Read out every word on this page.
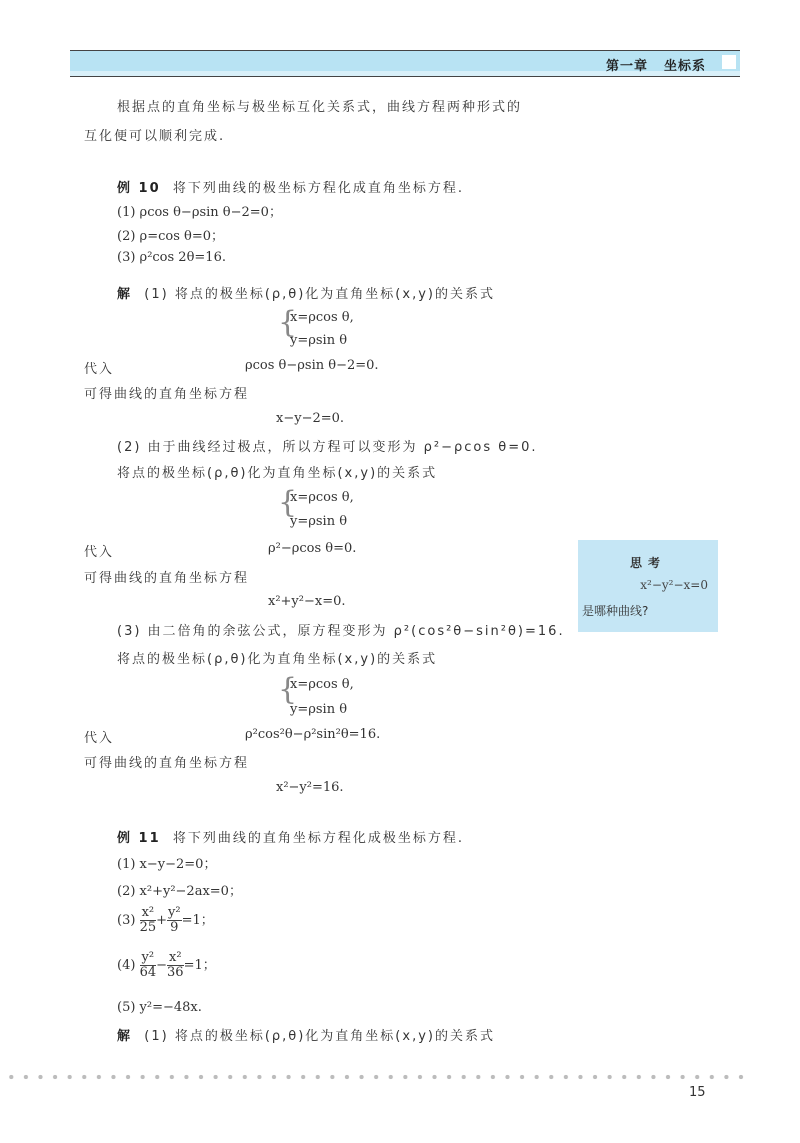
第一章 坐标系
根据点的直角坐标与极坐标互化关系式，曲线方程两种形式的
互化便可以顺利完成.
例 10 将下列曲线的极坐标方程化成直角坐标方程.
(1) ρcos θ−ρsin θ−2=0；
(2) ρ=cos θ=0；
(3) ρ²cos 2θ=16.
解 (1) 将点的极坐标(ρ,θ)化为直角坐标(x,y)的关系式
{
x=ρcos θ,
y=ρsin θ
代入	ρcos θ−ρsin θ−2=0.
可得曲线的直角坐标方程
x−y−2=0.
(2) 由于曲线经过极点，所以方程可以变形为 ρ²−ρcos θ=0.
将点的极坐标(ρ,θ)化为直角坐标(x,y)的关系式
{
x=ρcos θ,
y=ρsin θ
代入	ρ²−ρcos θ=0.
可得曲线的直角坐标方程
x²+y²−x=0.
(3) 由二倍角的余弦公式，原方程变形为 ρ²(cos²θ−sin²θ)=16.
将点的极坐标(ρ,θ)化为直角坐标(x,y)的关系式
{
x=ρcos θ,
y=ρsin θ
代入	ρ²cos²θ−ρ²sin²θ=16.
可得曲线的直角坐标方程
x²−y²=16.
思考
x²−y²−x=0
是哪种曲线?
例 11 将下列曲线的直角坐标方程化成极坐标方程.
(1) x−y−2=0；
(2) x²+y²−2ax=0；
$(3) \frac{\text{x²}}{25} + \frac{\text{y²}}{9} =1$；
$(4) \frac{\text{y²}}{64} - \frac{\text{x²}}{36} =1$；
(5) y²=−48x.
解 (1) 将点的极坐标(ρ,θ)化为直角坐标(x,y)的关系式
15
